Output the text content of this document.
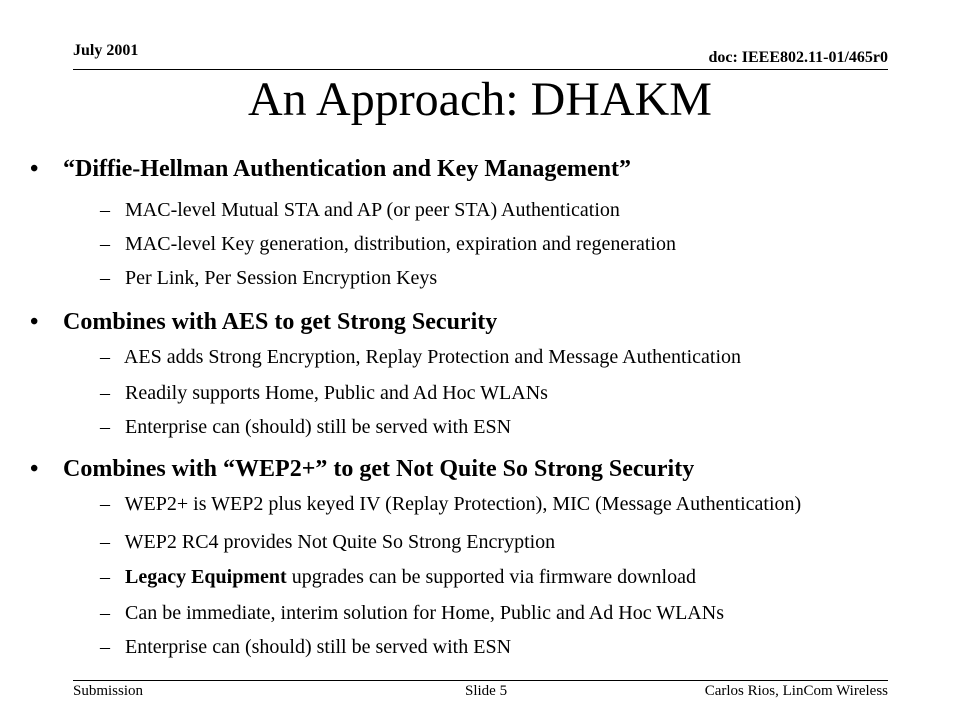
July 2001	doc: IEEE802.11-01/465r0
An Approach: DHAKM
• “Diffie-Hellman Authentication and Key Management”
–  MAC-level Mutual STA and AP (or peer STA) Authentication
–  MAC-level Key generation, distribution, expiration and regeneration
–  Per Link, Per Session Encryption Keys
• Combines with AES to get Strong Security
–  AES adds Strong Encryption, Replay Protection and Message Authentication
–  Readily supports Home, Public and Ad Hoc WLANs
–  Enterprise can (should) still be served with ESN
• Combines with “WEP2+” to get Not Quite So Strong Security
–  WEP2+ is WEP2 plus keyed IV (Replay Protection), MIC (Message Authentication)
–  WEP2 RC4 provides Not Quite So Strong Encryption
–  Legacy Equipment upgrades can be supported via firmware download
–  Can be immediate, interim solution for Home, Public and Ad Hoc WLANs
–  Enterprise can (should) still be served with ESN
Submission	Slide 5	Carlos Rios, LinCom Wireless
